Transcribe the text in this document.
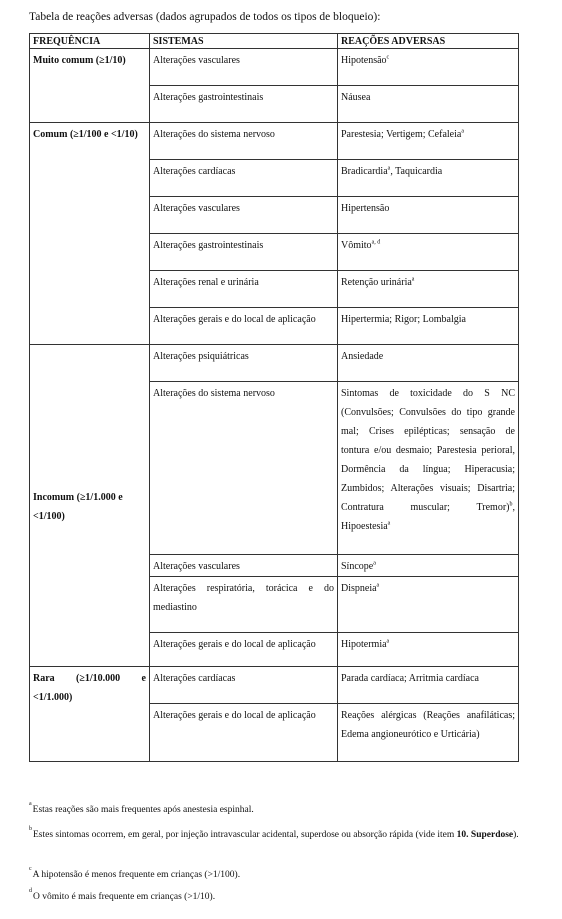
Tabela de reações adversas (dados agrupados de todos os tipos de bloqueio):
FREQUÊNCIA	SISTEMAS	REAÇÕES ADVERSAS
Muito comum (≥1/10)	Alterações vasculares	Hipotensão$^c$
	Alterações gastrointestinais	Náusea
Comum (≥1/100 e <1/10)	Alterações do sistema nervoso	Parestesia; Vertigem; Cefaleia$^a$
	Alterações cardíacas	Bradicardia$^a$, Taquicardia
	Alterações vasculares	Hipertensão
	Alterações gastrointestinais	Vômito$^{a, d}$
	Alterações renal e urinária	Retenção urinária$^a$
	Alterações gerais e do local de aplicação	Hipertermia; Rigor; Lombalgia
Incomum (≥1/1.000 e <1/100)	Alterações psiquiátricas	Ansiedade
	Alterações do sistema nervoso	Sintomas de toxicidade do S NC (Convulsões; Convulsões do tipo grande mal; Crises epilépticas; sensação de tontura e/ou desmaio; Parestesia perioral, Dormência da língua; Hiperacusia; Zumbidos; Alterações visuais; Disartria; Contratura muscular; Tremor)$^b$, Hipoestesia$^a$
	Alterações vasculares	Síncope$^a$
	Alterações respiratória, torácica e do mediastino	Dispneia$^a$
	Alterações gerais e do local de aplicação	Hipotermia$^a$
Rara (≥1/10.000 e <1/1.000)	Alterações cardíacas	Parada cardíaca; Arritmia cardíaca
	Alterações gerais e do local de aplicação	Reações alérgicas (Reações anafiláticas; Edema angioneurótico e Urticária)
$^a$Estas reações são mais frequentes após anestesia espinhal.
$^b$Estes sintomas ocorrem, em geral, por injeção intravascular acidental, superdose ou absorção rápida (vide item 10. Superdose).
$^c$A hipotensão é menos frequente em crianças (>1/100).
$^d$O vômito é mais frequente em crianças (>1/10).
